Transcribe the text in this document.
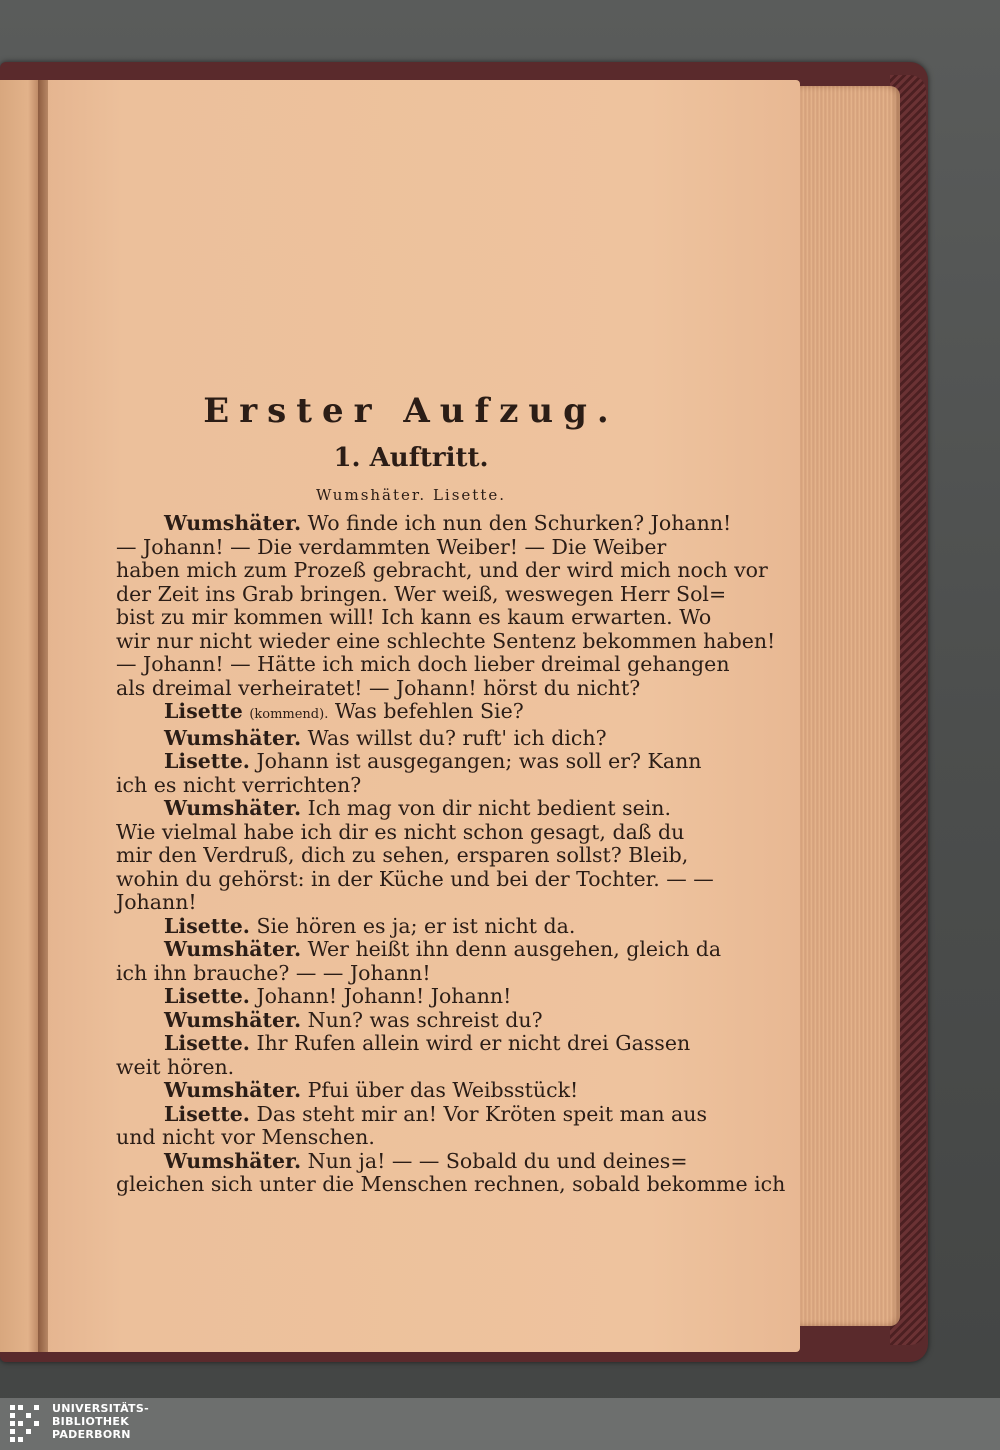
Erster Aufzug.
1. Auftritt.
Wumshäter. Lisette.

Wumshäter. Wo finde ich nun den Schurken? Johann!

— Johann! — Die verdammten Weiber! — Die Weiber

haben mich zum Prozeß gebracht, und der wird mich noch vor

der Zeit ins Grab bringen. Wer weiß, weswegen Herr Sol=

bist zu mir kommen will! Ich kann es kaum erwarten. Wo

wir nur nicht wieder eine schlechte Sentenz bekommen haben!

— Johann! — Hätte ich mich doch lieber dreimal gehangen

als dreimal verheiratet! — Johann! hörst du nicht?

Lisette (kommend). Was befehlen Sie?

Wumshäter. Was willst du? ruft' ich dich?

Lisette. Johann ist ausgegangen; was soll er? Kann

ich es nicht verrichten?

Wumshäter. Ich mag von dir nicht bedient sein.

Wie vielmal habe ich dir es nicht schon gesagt, daß du

mir den Verdruß, dich zu sehen, ersparen sollst? Bleib,

wohin du gehörst: in der Küche und bei der Tochter. — —

Johann!

Lisette. Sie hören es ja; er ist nicht da.

Wumshäter. Wer heißt ihn denn ausgehen, gleich da

ich ihn brauche? — — Johann!

Lisette. Johann! Johann! Johann!

Wumshäter. Nun? was schreist du?

Lisette. Ihr Rufen allein wird er nicht drei Gassen

weit hören.

Wumshäter. Pfui über das Weibsstück!

Lisette. Das steht mir an! Vor Kröten speit man aus

und nicht vor Menschen.

Wumshäter. Nun ja! — — Sobald du und deines=

gleichen sich unter die Menschen rechnen, sobald bekomme ich

UNIVERSITÄTS-
BIBLIOTHEK
PADERBORN
